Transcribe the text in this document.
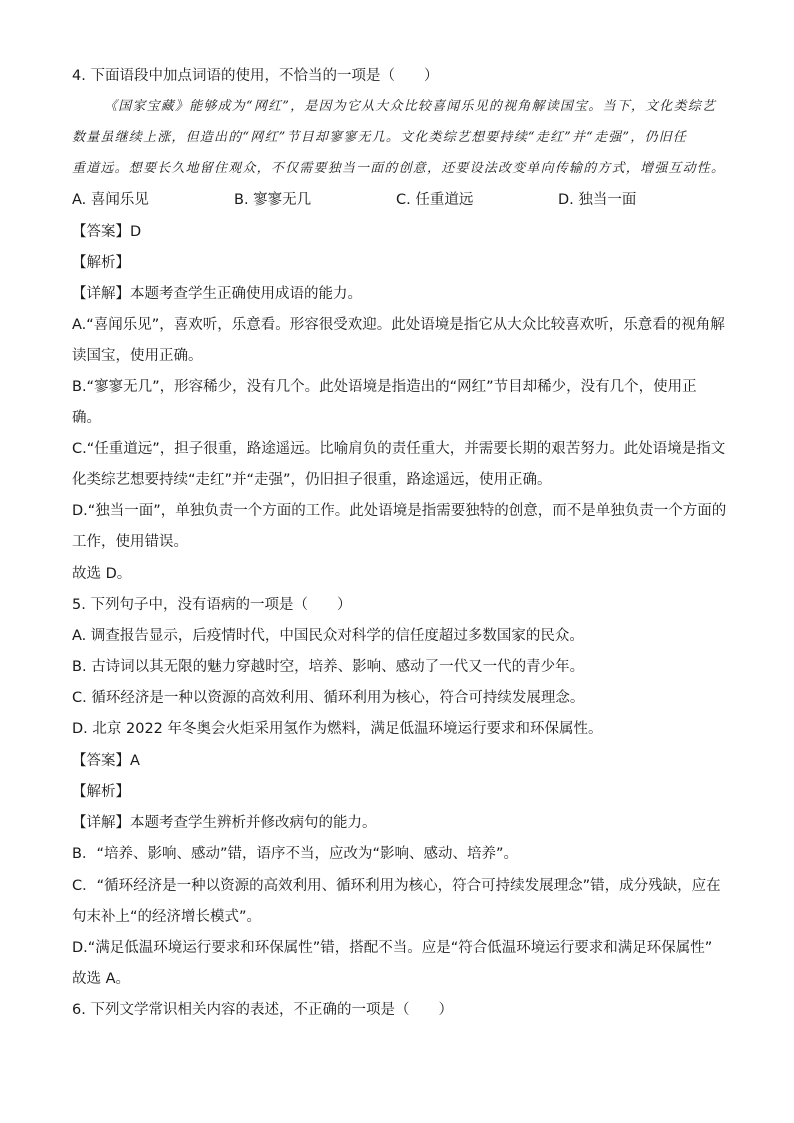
4. 下面语段中加点词语的使用，不恰当的一项是（　　）
《国家宝藏》能够成为“网红”，是因为它从大众比较喜闻乐见的视角解读国宝。当下，文化类综艺
数量虽继续上涨，但造出的“网红”节目却寥寥无几。文化类综艺想要持续“走红”并“走强”，仍旧任
重道远。想要长久地留住观众，不仅需要独当一面的创意，还要设法改变单向传输的方式，增强互动性。
A. 喜闻乐见	B. 寥寥无几	C. 任重道远	D. 独当一面
【答案】D
【解析】
【详解】本题考查学生正确使用成语的能力。
A.“喜闻乐见”，喜欢听，乐意看。形容很受欢迎。此处语境是指它从大众比较喜欢听，乐意看的视角解
读国宝，使用正确。
B.“寥寥无几”，形容稀少，没有几个。此处语境是指造出的“网红”节目却稀少，没有几个，使用正
确。
C.“任重道远”，担子很重，路途遥远。比喻肩负的责任重大，并需要长期的艰苦努力。此处语境是指文
化类综艺想要持续“走红”并“走强”，仍旧担子很重，路途遥远，使用正确。
D.“独当一面”，单独负责一个方面的工作。此处语境是指需要独特的创意，而不是单独负责一个方面的
工作，使用错误。
故选 D。
5. 下列句子中，没有语病的一项是（　　）
A. 调查报告显示，后疫情时代，中国民众对科学的信任度超过多数国家的民众。
B. 古诗词以其无限的魅力穿越时空，培养、影响、感动了一代又一代的青少年。
C. 循环经济是一种以资源的高效利用、循环利用为核心，符合可持续发展理念。
D. 北京 2022 年冬奥会火炬采用氢作为燃料，满足低温环境运行要求和环保属性。
【答案】A
【解析】
【详解】本题考查学生辨析并修改病句的能力。
B．“培养、影响、感动”错，语序不当，应改为“影响、感动、培养”。
C．“循环经济是一种以资源的高效利用、循环利用为核心，符合可持续发展理念”错，成分残缺，应在
句末补上“的经济增长模式”。
D.“满足低温环境运行要求和环保属性”错，搭配不当。应是“符合低温环境运行要求和满足环保属性”
故选 A。
6. 下列文学常识相关内容的表述，不正确的一项是（　　）
